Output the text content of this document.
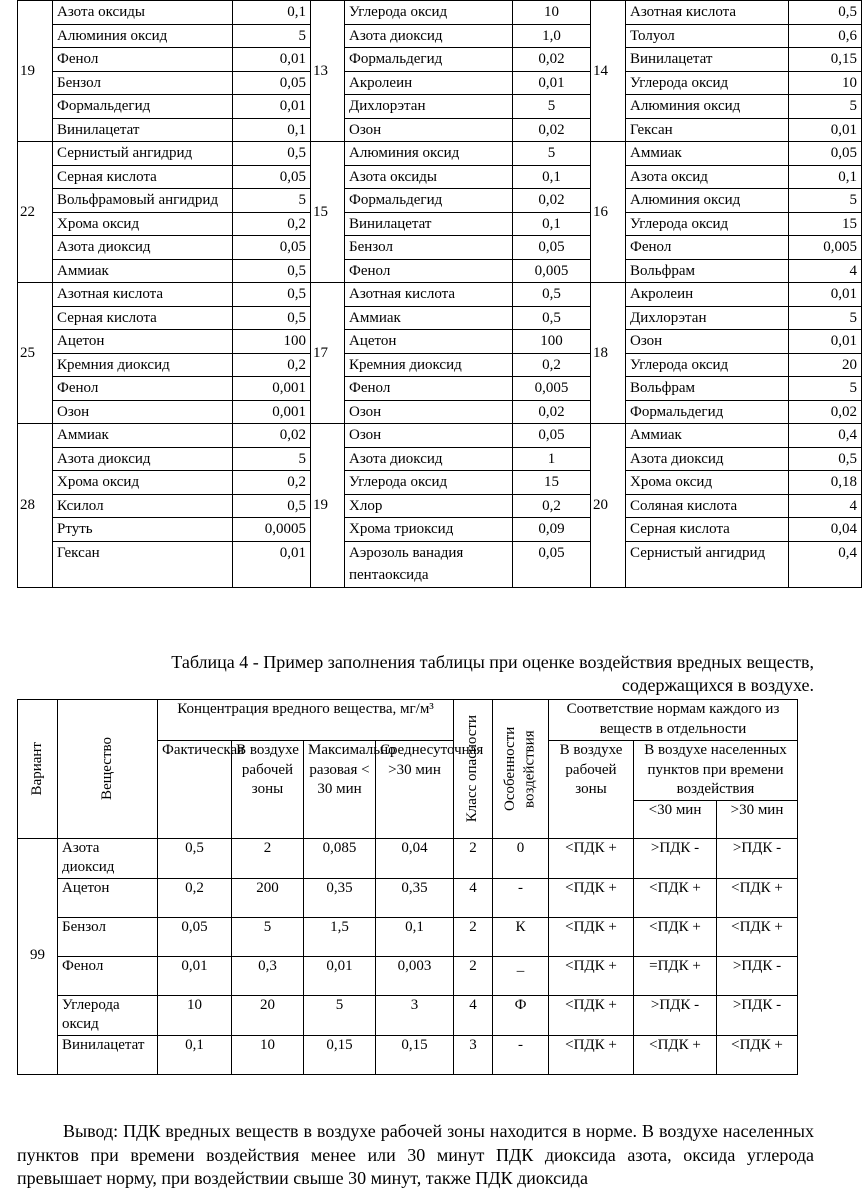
19	Азота оксиды	0,1	13	Углерода оксид	10	14	Азотная кислота	0,5
	Алюминия оксид	5		Азота диоксид	1,0		Толуол	0,6
	Фенол	0,01		Формальдегид	0,02		Винилацетат	0,15
	Бензол	0,05		Акролеин	0,01		Углерода оксид	10
	Формальдегид	0,01		Дихлорэтан	5		Алюминия оксид	5
	Винилацетат	0,1		Озон	0,02		Гексан	0,01
22	Сернистый ангидрид	0,5	15	Алюминия оксид	5	16	Аммиак	0,05
	Серная кислота	0,05		Азота оксиды	0,1		Азота оксид	0,1
	Вольфрамовый ангидрид	5		Формальдегид	0,02		Алюминия оксид	5
	Хрома оксид	0,2		Винилацетат	0,1		Углерода оксид	15
	Азота диоксид	0,05		Бензол	0,05		Фенол	0,005
	Аммиак	0,5		Фенол	0,005		Вольфрам	4
25	Азотная кислота	0,5	17	Азотная кислота	0,5	18	Акролеин	0,01
	Серная кислота	0,5		Аммиак	0,5		Дихлорэтан	5
	Ацетон	100		Ацетон	100		Озон	0,01
	Кремния диоксид	0,2		Кремния диоксид	0,2		Углерода оксид	20
	Фенол	0,001		Фенол	0,005		Вольфрам	5
	Озон	0,001		Озон	0,02		Формальдегид	0,02
28	Аммиак	0,02	19	Озон	0,05	20	Аммиак	0,4
	Азота диоксид	5		Азота диоксид	1		Азота диоксид	0,5
	Хрома оксид	0,2		Углерода оксид	15		Хрома оксид	0,18
	Ксилол	0,5		Хлор	0,2		Соляная кислота	4
	Ртуть	0,0005		Хрома триоксид	0,09		Серная кислота	0,04
	Гексан	0,01		Аэрозоль ванадия пентаоксида	0,05		Сернистый ангидрид	0,4
Таблица 4 - Пример заполнения таблицы при оценке воздействия вредных веществ,
содержащихся в воздухе.
Вариант	Вещество	Концентрация вредного вещества, мг/м³				Класс опасности	Особенности воздействия	Соответствие нормам каждого из веществ в отдельности		
		Фактическая	В воздухе рабочей зоны	Максимально разовая < 30 мин	Среднесуточная >30 мин			В воздухе рабочей зоны	В воздухе населенных пунктов при времени воздействия	
									<30 мин	>30 мин
99	Азота диоксид	0,5	2	0,085	0,04	2	0	<ПДК +	>ПДК -	>ПДК -
	Ацетон	0,2	200	0,35	0,35	4	-	<ПДК +	<ПДК +	<ПДК +
	Бензол	0,05	5	1,5	0,1	2	К	<ПДК +	<ПДК +	<ПДК +
	Фенол	0,01	0,3	0,01	0,003	2	_	<ПДК +	=ПДК +	>ПДК -
	Углерода оксид	10	20	5	3	4	Ф	<ПДК +	>ПДК -	>ПДК -
	Винилацетат	0,1	10	0,15	0,15	3	-	<ПДК +	<ПДК +	<ПДК +

Вывод: ПДК вредных веществ в воздухе рабочей зоны находится в норме. В воздухе населенных пунктов при времени воздействия менее или 30 минут ПДК диоксида азота, оксида углерода превышает норму, при воздействии свыше 30 минут, также ПДК диоксида
